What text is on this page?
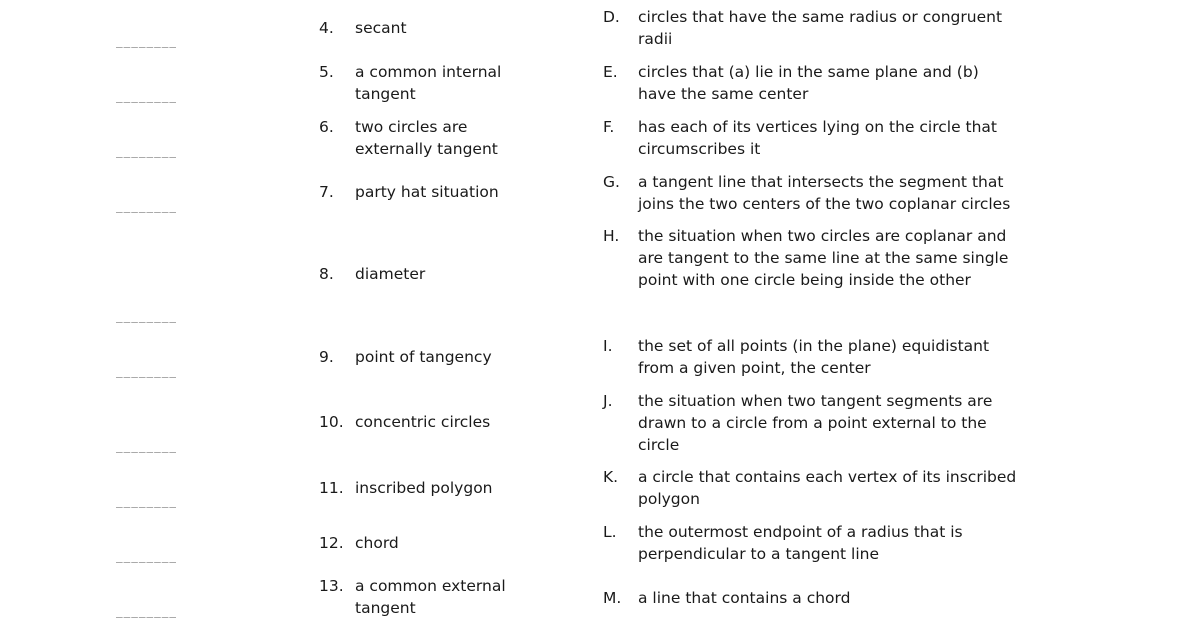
________
________
________
________
________
________
________
________
________
________
4. secant
5. a common internal tangent
6. two circles are externally tangent
7. party hat situation
8. diameter
9. point of tangency
10. concentric circles
11. inscribed polygon
12. chord
13. a common external tangent
D. circles that have the same radius or congruent radii
E. circles that (a) lie in the same plane and (b) have the same center
F. has each of its vertices lying on the circle that circumscribes it
G. a tangent line that intersects the segment that joins the two centers of the two coplanar circles
H. the situation when two circles are coplanar and are tangent to the same line at the same single point with one circle being inside the other
I. the set of all points (in the plane) equidistant from a given point, the center
J. the situation when two tangent segments are drawn to a circle from a point external to the circle
K. a circle that contains each vertex of its inscribed polygon
L. the outermost endpoint of a radius that is perpendicular to a tangent line
M. a line that contains a chord
